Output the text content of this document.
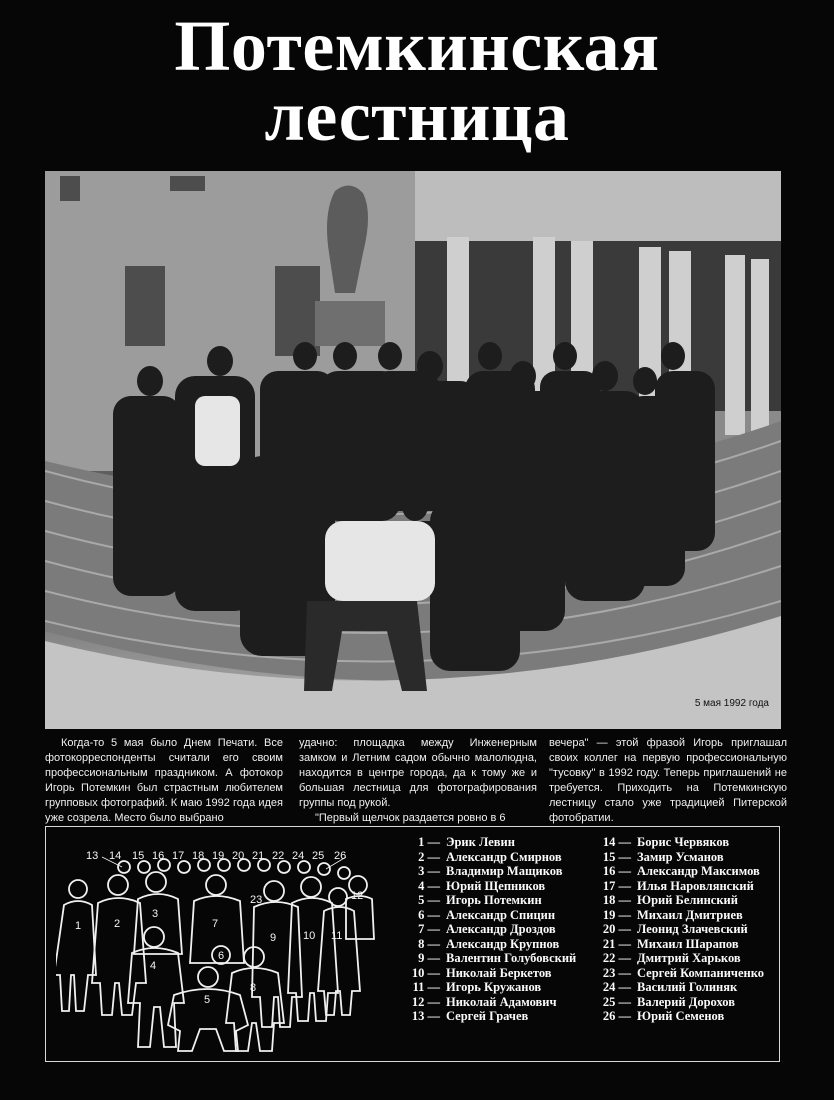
Потемкинская
лестница
5 мая 1992 года

Когда-то 5 мая было Днем Печати. Все фотокорреспонденты считали его своим профессиональным праздником. А фотокор Игорь Потемкин был страстным любителем групповых фотографий. К маю 1992 года идея уже созрела. Место было выбрано

удачно: площадка между Инженерным замком и Летним садом обычно малолюдна, находится в центре города, да к тому же и большая лестница для фотографирования группы под рукой.

"Первый щелчок раздается ровно в 6

вечера" — этой фразой Игорь приглашал своих коллег на первую профессиональную "тусовку" в 1992 году. Теперь приглашений не требуется. Приходить на Потемкинскую лестницу стало уже традицией Питерской фотобратии.

13 14 15 16 17 18 19 20 21 22 24 25 26
23
1	2
3
4
5
6
7
8
9 10 11
12
1 — Эрик Левин
2 — Александр Смирнов
3 — Владимир Мащиков
4 — Юрий Щепников
5 — Игорь Потемкин
6 — Александр Спицин
7 — Александр Дроздов
8 — Александр Крупнов
9 — Валентин Голубовский
10 — Николай Беркетов
11 — Игорь Кружанов
12 — Николай Адамович
13 — Сергей Грачев
14 — Борис Червяков
15 — Замир Усманов
16 — Александр Максимов
17 — Илья Наровлянский
18 — Юрий Белинский
19 — Михаил Дмитриев
20 — Леонид Злачевский
21 — Михаил Шарапов
22 — Дмитрий Харьков
23 — Сергей Компаниченко
24 — Василий Голиняк
25 — Валерий Дорохов
26 — Юрий Семенов
